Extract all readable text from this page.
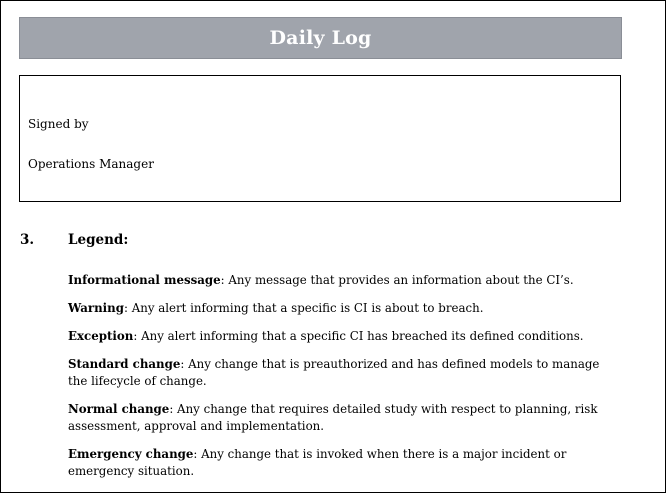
Daily Log
Signed by
Operations Manager
3.	Legend:
Informational message: Any message that provides an information about the CI’s.
Warning: Any alert informing that a specific is CI is about to breach.
Exception: Any alert informing that a specific CI has breached its defined conditions.
Standard change: Any change that is preauthorized and has defined models to manage the lifecycle of change.
Normal change: Any change that requires detailed study with respect to planning, risk assessment, approval and implementation.
Emergency change: Any change that is invoked when there is a major incident or emergency situation.
